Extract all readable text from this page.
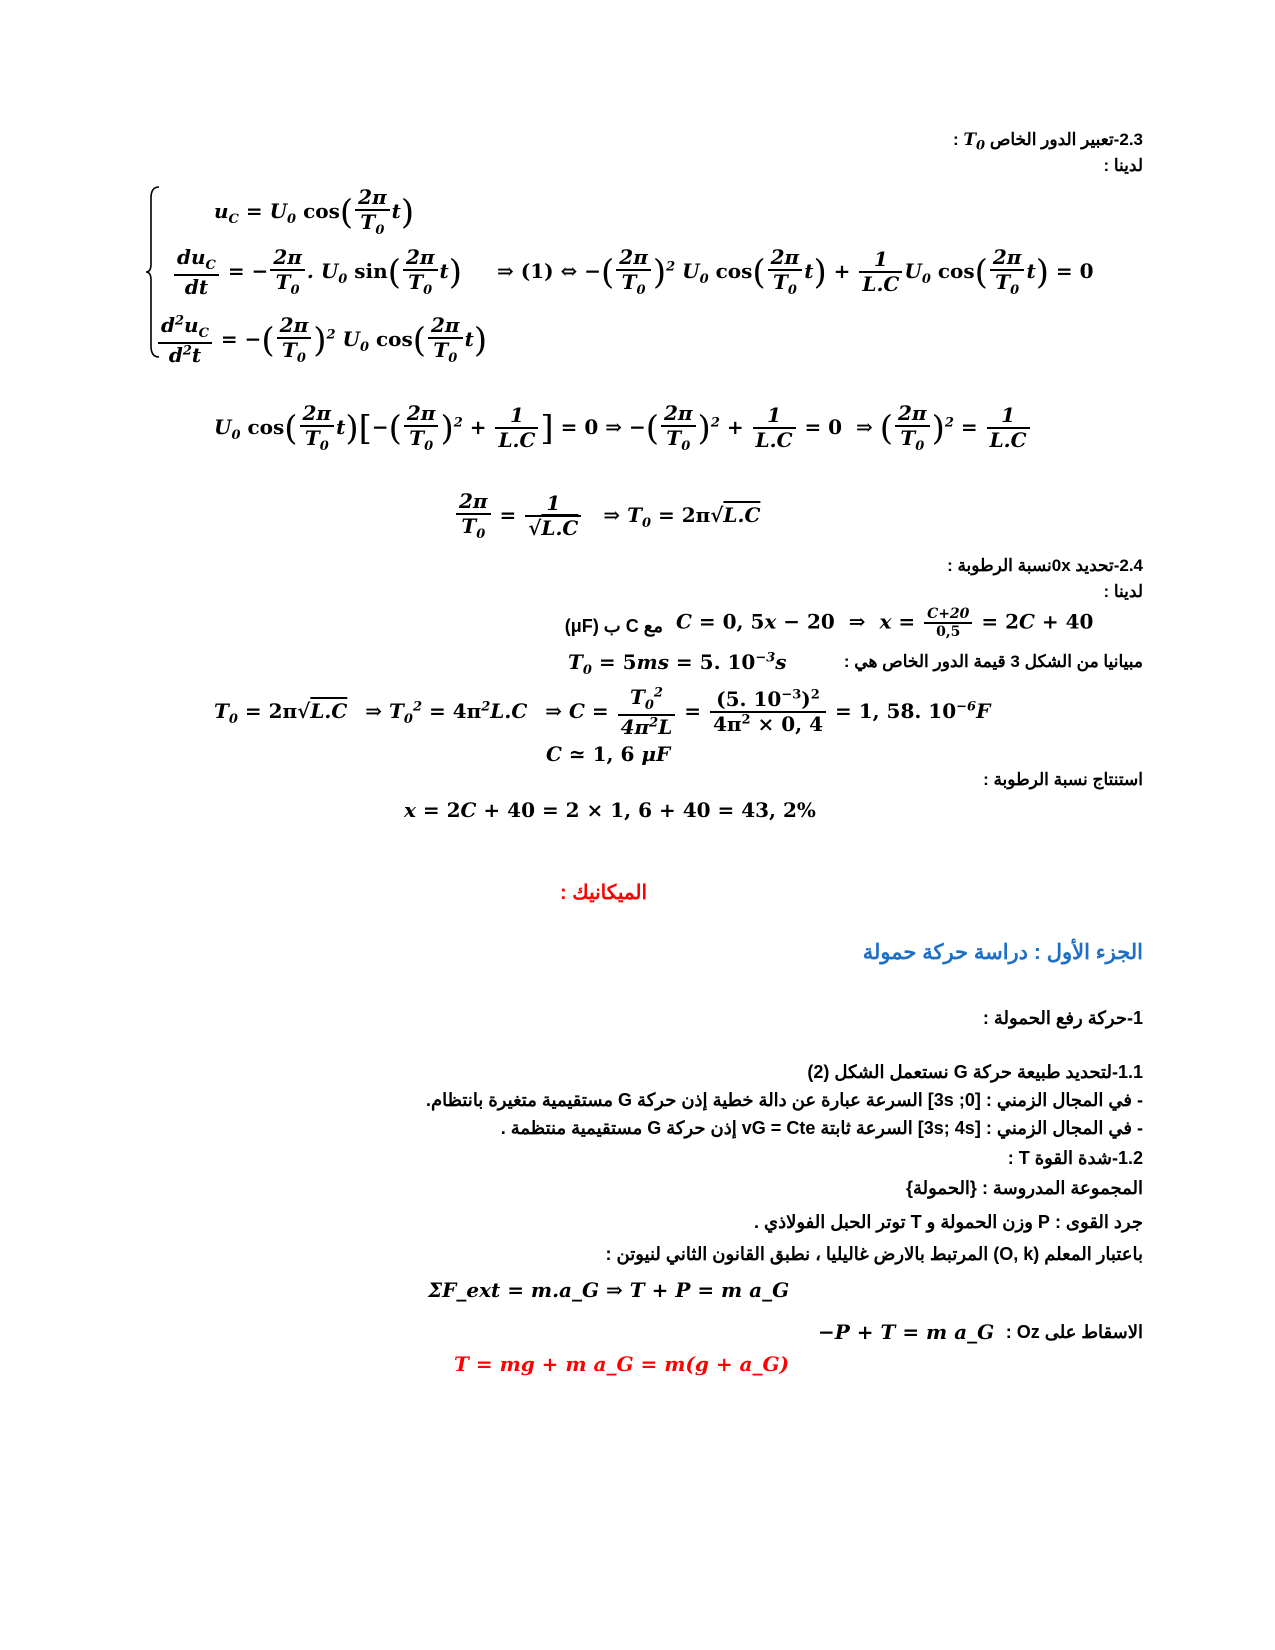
2.3-تعبير الدور الخاص $T_0$ :
لدينا :
$u_C = U_0$ $\cos( \frac{2\pi}{T_0} t)$
$\frac{du_C}{dt}$ = − $\frac{2\pi}{T_0}$ . $U_0$ $\sin( \frac{2\pi}{T_0} t)$ ⇒ (1) ⇔ −( $\frac{2\pi}{T_0} )^2$ $U_0$ $\cos( \frac{2\pi}{T_0} t) + \frac{1}{L.C} U_0$ $\cos( \frac{2\pi}{T_0} t) = 0$
$\frac{d^2u_C}{d^2t}$ = −( $\frac{2\pi}{T_0} )^2$ $U_0$ $\cos( \frac{2\pi}{T_0} t)$
$U_0$ $\cos( \frac{2\pi}{T_0} t)[-( \frac{2\pi}{T_0} )^2 + \frac{1}{L.C}$ ] = 0 ⇒ −( $\frac{2\pi}{T_0} )^2 + \frac{1}{L.C} = 0$  ⇒ ( $\frac{2\pi}{T_0} )^2 = \frac{1}{L.C}$
$\frac{2\pi}{T_0} = \frac{1}{√L.C}$ ⇒ $T_0 = 2\pi√L.C$
2.4-تحديد 0xنسبة الرطوبة :
لدينا :
مع C ب (μF) C = 0, 5x − 20  ⇒  $x = \frac{C+20}{0,5} = 2C + 40$
مبيانيا من الشكل 3 قيمة الدور الخاص هي :
$T_0 = 5ms = 5$. $10^{-3}s$
$T_0 = 2\pi√L.C$ ⇒ $T_0^2 = 4\pi^2L.C$ ⇒ $C = \frac{T_0^2}{4\pi^2L} = \frac{(5. 10^{-3})^2}{4\pi^2 \times 0, 4} = 1$, 58. $10^{-6}F$
C ≃ 1, 6 μF
استنتاج نسبة الرطوبة :
x = 2C + 40 = 2 × 1, 6 + 40 = 43, 2%
الميكانيك :
الجزء الأول : دراسة حركة حمولة
1-حركة رفع الحمولة :
1.1-لتحديد طبيعة حركة G نستعمل الشكل (2)
- في المجال الزمني : [0; 3s] السرعة عبارة عن دالة خطية إذن حركة G مستقيمية متغيرة بانتظام.
- في المجال الزمني : [3s; 4s] السرعة ثابتة vG = Cte إذن حركة G مستقيمية منتظمة .
1.2-شدة القوة T :
المجموعة المدروسة : {الحمولة}
جرد القوى : P وزن الحمولة و T توتر الحبل الفولاذي .
باعتبار المعلم (O, k) المرتبط بالارض غاليليا ، نطبق القانون الثاني لنيوتن :
ΣF_ext = m.a_G ⇒ T + P = m a_G
الاسقاط على Oz :
−P + T = m a_G
T = mg + m a_G = m(g + a_G)
